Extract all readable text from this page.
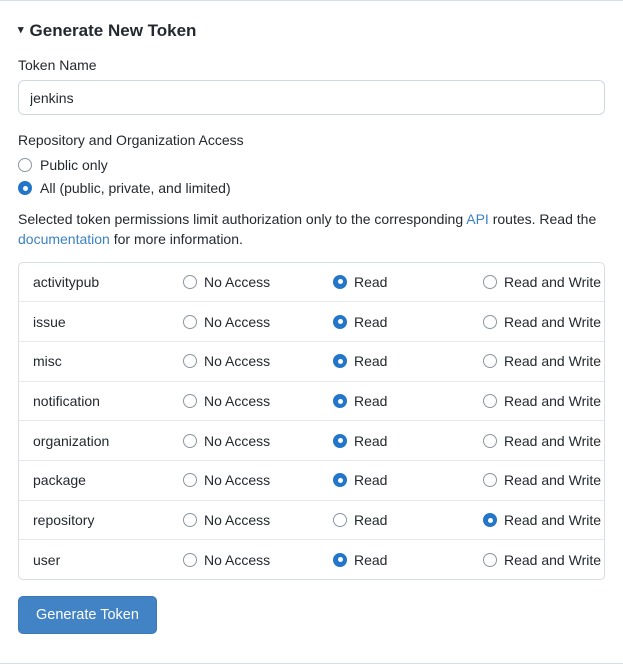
▾ Generate New Token
Token Name
jenkins
Repository and Organization Access
Public only
All (public, private, and limited)
Selected token permissions limit authorization only to the corresponding API routes. Read the documentation for more information.
activitypub	No Access	Read	Read and Write

issue	No Access	Read	Read and Write

misc	No Access	Read	Read and Write

notification	No Access	Read	Read and Write

organization	No Access	Read	Read and Write

package	No Access	Read	Read and Write

repository	No Access	Read	Read and Write

user	No Access	Read	Read and Write
Generate Token
